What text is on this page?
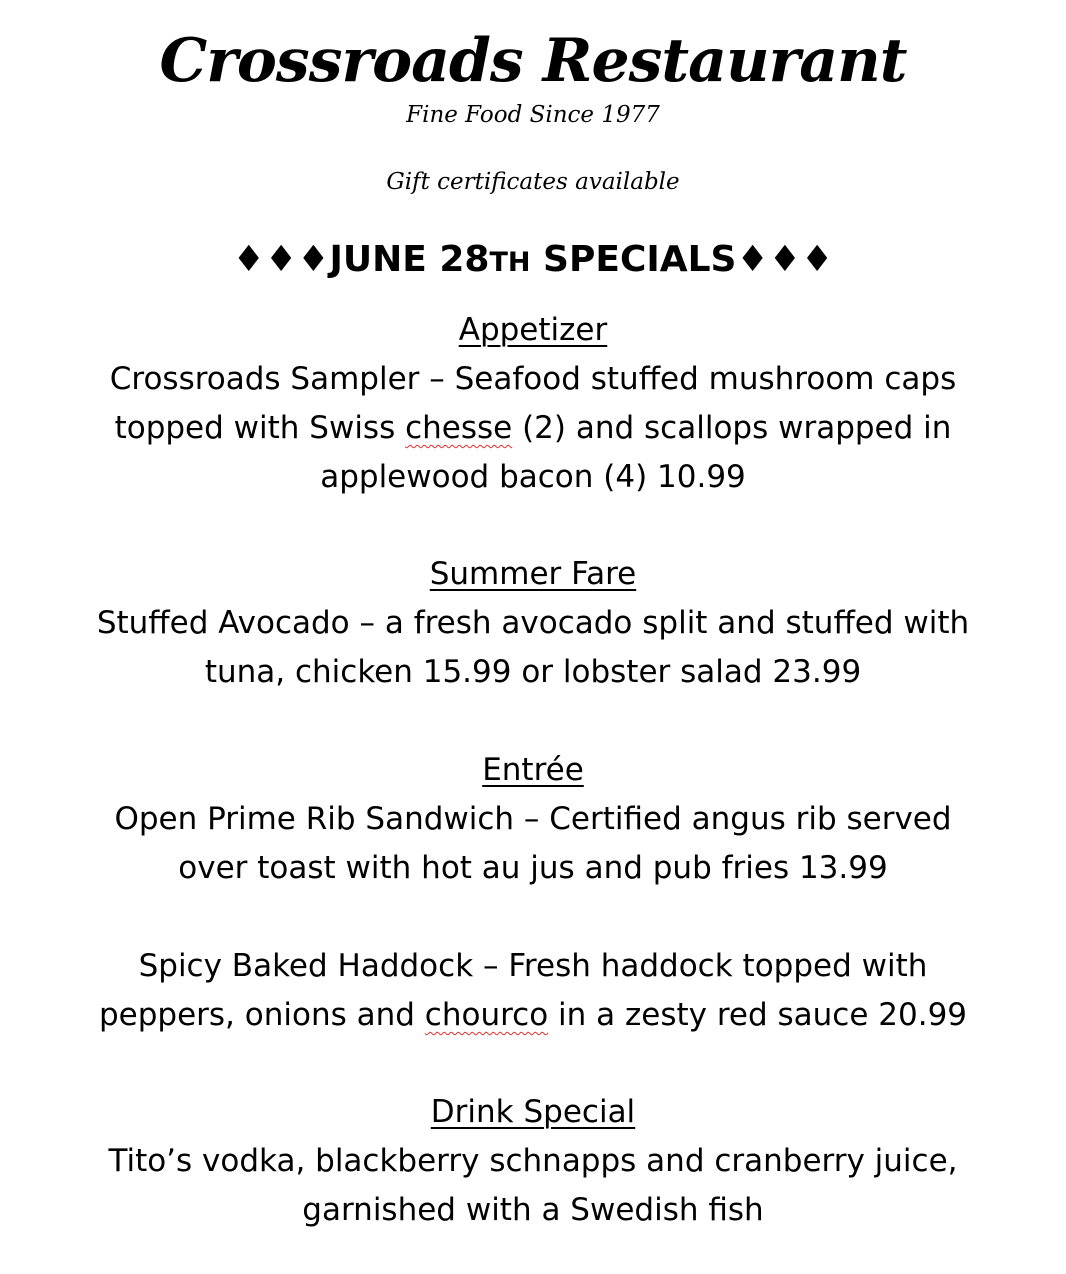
Crossroads Restaurant
Fine Food Since 1977
Gift certificates available
♦♦♦JUNE 28TH SPECIALS♦♦♦
Appetizer
Crossroads Sampler – Seafood stuffed mushroom caps
topped with Swiss chesse (2) and scallops wrapped in
applewood bacon (4) 10.99
Summer Fare
Stuffed Avocado – a fresh avocado split and stuffed with
tuna, chicken 15.99 or lobster salad 23.99
Entrée
Open Prime Rib Sandwich – Certified angus rib served
over toast with hot au jus and pub fries 13.99
Spicy Baked Haddock – Fresh haddock topped with
peppers, onions and chourco in a zesty red sauce 20.99
Drink Special
Tito’s vodka, blackberry schnapps and cranberry juice,
garnished with a Swedish fish
